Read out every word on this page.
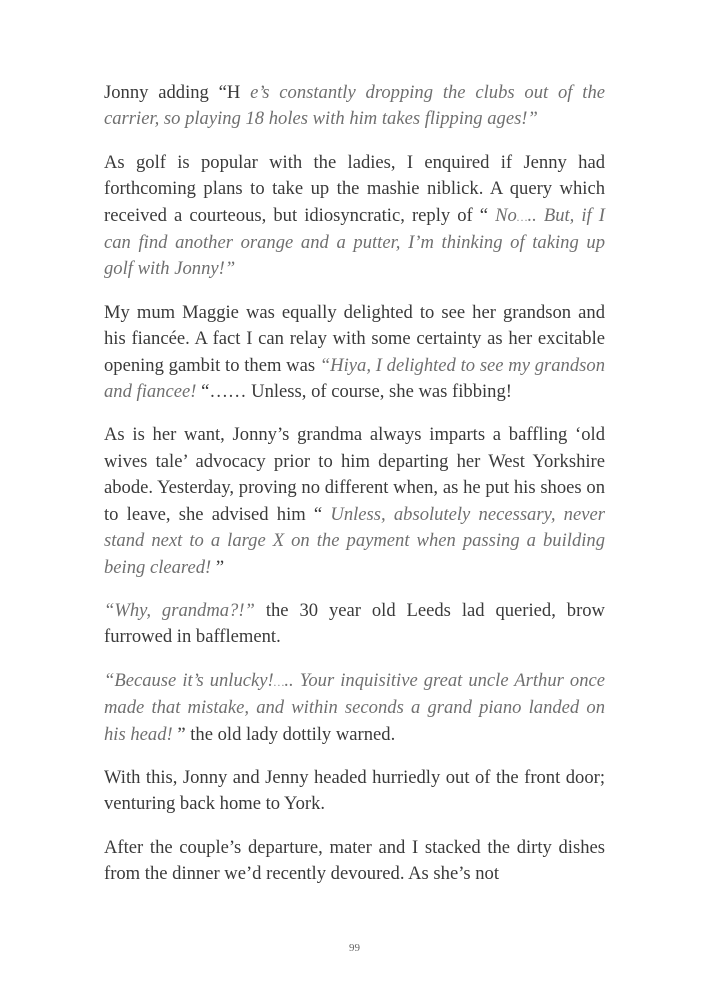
Jonny adding “H e’s constantly dropping the clubs out of the carrier, so playing 18 holes with him takes flipping ages!”

As golf is popular with the ladies, I enquired if Jenny had forthcoming plans to take up the mashie niblick. A query which received a courteous, but idiosyncratic, reply of “ No….. But, if I can find another orange and a putter, I’m thinking of taking up golf with Jonny!”

My mum Maggie was equally delighted to see her grandson and his fiancée. A fact I can relay with some certainty as her excitable opening gambit to them was “Hiya, I delighted to see my grandson and fiancee! “…… Unless, of course, she was fibbing!

As is her want, Jonny’s grandma always imparts a baffling ‘old wives tale’ advocacy prior to him departing her West Yorkshire abode. Yesterday, proving no different when, as he put his shoes on to leave, she advised him “ Unless, absolutely necessary, never stand next to a large X on the payment when passing a building being cleared! ”

“Why, grandma?!” the 30 year old Leeds lad queried, brow furrowed in bafflement.

“Because it’s unlucky!….. Your inquisitive great uncle Arthur once made that mistake, and within seconds a grand piano landed on his head! ” the old lady dottily warned.

With this, Jonny and Jenny headed hurriedly out of the front door; venturing back home to York.

After the couple’s departure, mater and I stacked the dirty dishes from the dinner we’d recently devoured. As she’s not

99
